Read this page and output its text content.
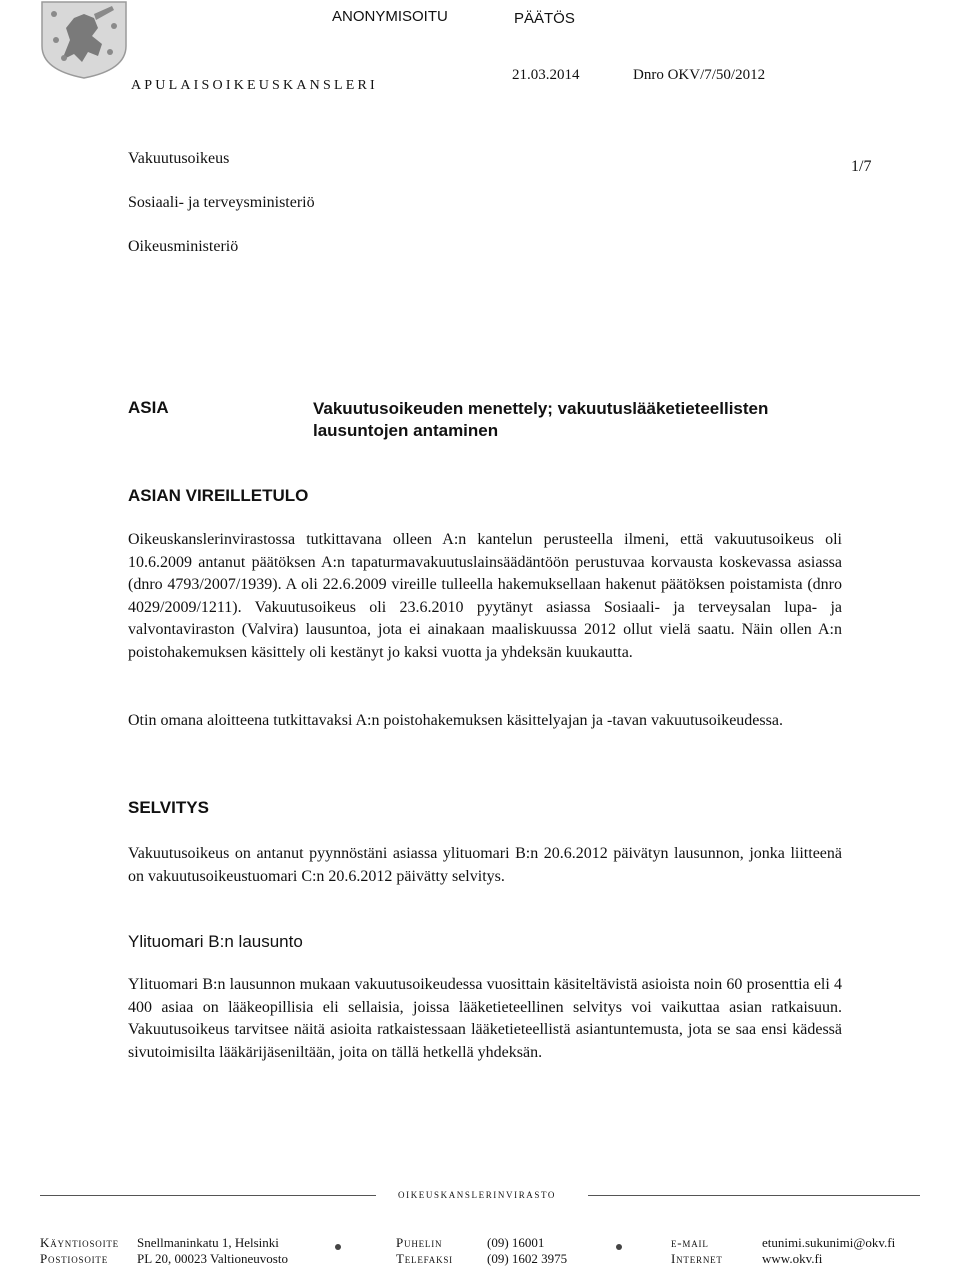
APULAISOIKEUSKANSLERI
ANONYMISOITU	PÄÄTÖS
21.03.2014	Dnro OKV/7/50/2012
1/7
Vakuutusoikeus
Sosiaali- ja terveysministeriö
Oikeusministeriö
ASIA	Vakuutusoikeuden menettely; vakuutuslääketieteellisten lausuntojen antaminen
ASIAN VIREILLETULO
Oikeuskanslerinvirastossa tutkittavana olleen A:n kantelun perusteella ilmeni, että vakuutusoikeus oli 10.6.2009 antanut päätöksen A:n tapaturmavakuutuslainsäädäntöön perustuvaa korvausta koskevassa asiassa (dnro 4793/2007/1939). A oli 22.6.2009 vireille tulleella hakemuksellaan hakenut päätöksen poistamista (dnro 4029/2009/1211). Vakuutusoikeus oli 23.6.2010 pyytänyt asiassa Sosiaali- ja terveysalan lupa- ja valvontaviraston (Valvira) lausuntoa, jota ei ainakaan maaliskuussa 2012 ollut vielä saatu. Näin ollen A:n poistohakemuksen käsittely oli kestänyt jo kaksi vuotta ja yhdeksän kuukautta.
Otin omana aloitteena tutkittavaksi A:n poistohakemuksen käsittelyajan ja -tavan vakuutusoikeudessa.
SELVITYS
Vakuutusoikeus on antanut pyynnöstäni asiassa ylituomari B:n 20.6.2012 päivätyn lausunnon, jonka liitteenä on vakuutusoikeustuomari C:n 20.6.2012 päivätty selvitys.
Ylituomari B:n lausunto
Ylituomari B:n lausunnon mukaan vakuutusoikeudessa vuosittain käsiteltävistä asioista noin 60 prosenttia eli 4 400 asiaa on lääkeopillisia eli sellaisia, joissa lääketieteellinen selvitys voi vaikuttaa asian ratkaisuun. Vakuutusoikeus tarvitsee näitä asioita ratkaistessaan lääketieteellistä asiantuntemusta, jota se saa ensi kädessä sivutoimisilta lääkärijäseniltään, joita on tällä hetkellä yhdeksän.
oikeuskanslerinvirasto
Käyntiosoite Snellmaninkatu 1, Helsinki
Postiosoite PL 20, 00023 Valtioneuvosto
Puhelin	(09) 16001
Telefaksi	(09) 1602 3975
e-mail	etunimi.sukunimi@okv.fi
Internet	www.okv.fi
